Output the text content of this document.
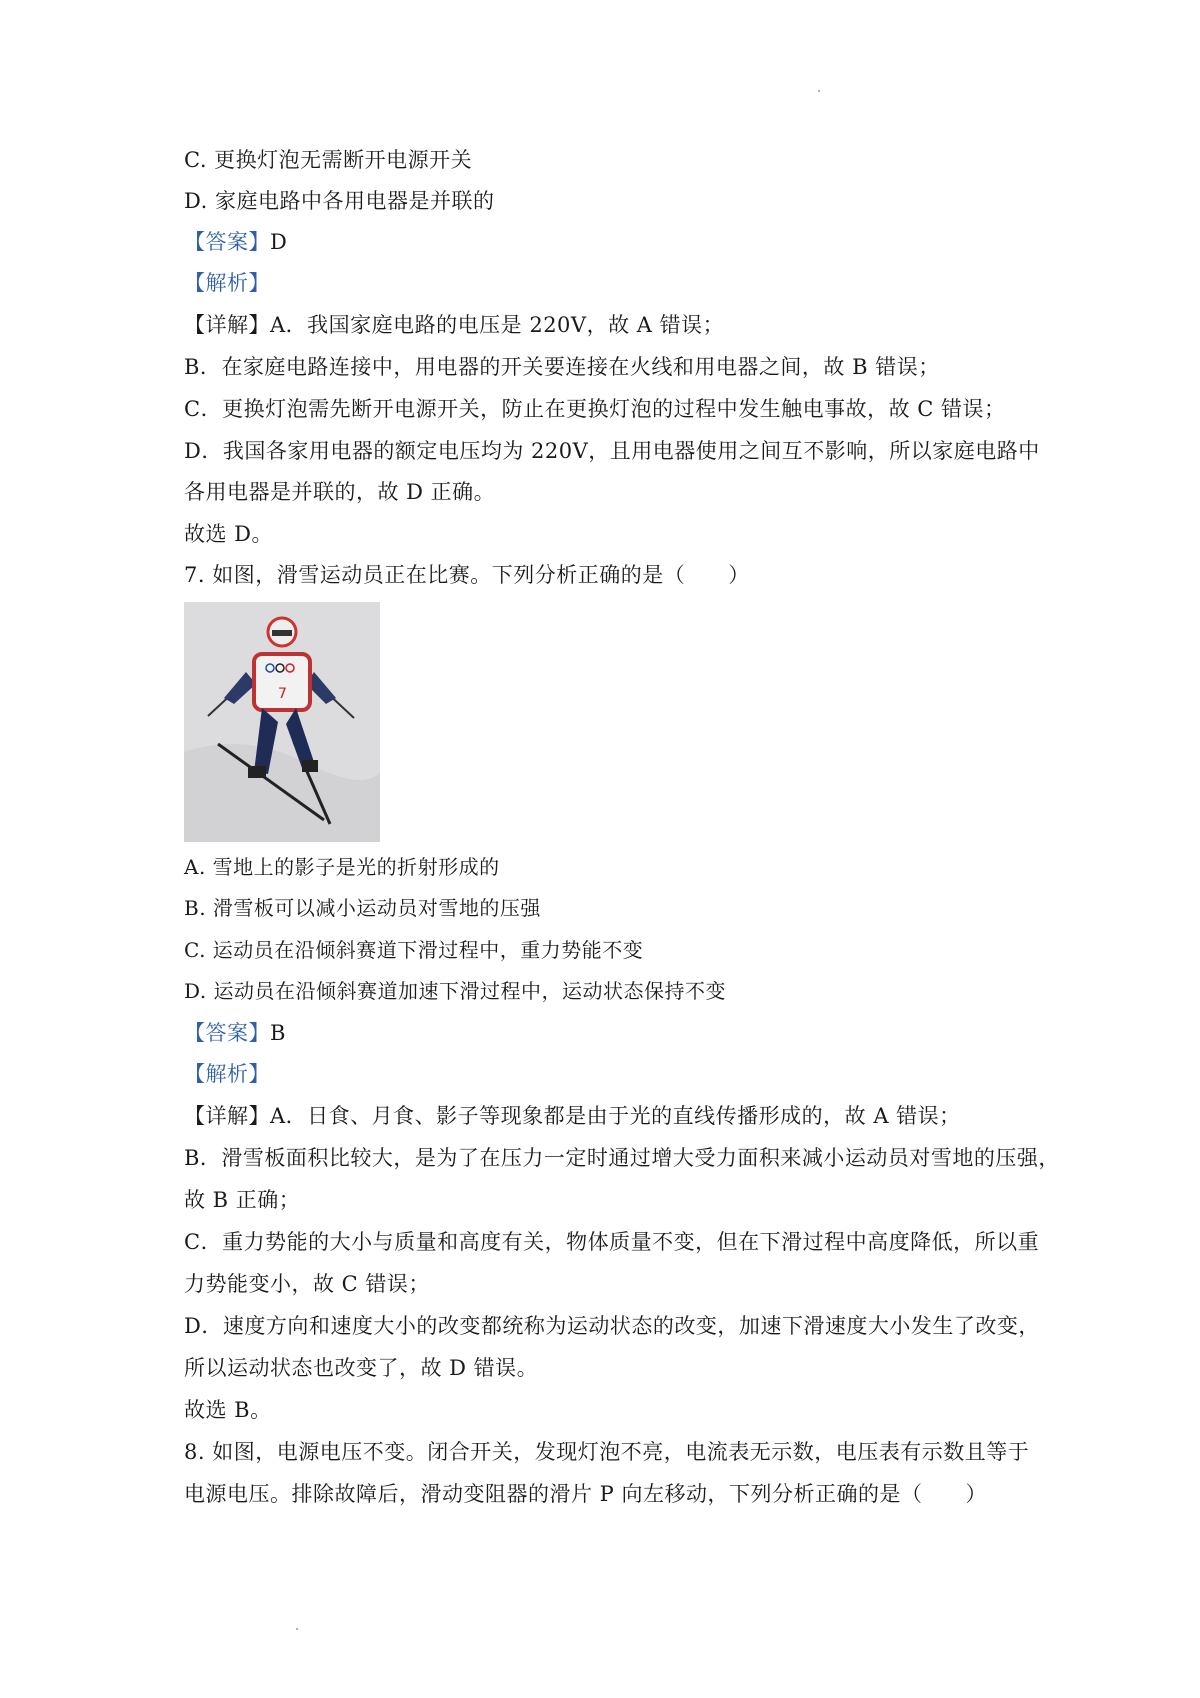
C. 更换灯泡无需断开电源开关
D. 家庭电路中各用电器是并联的
【答案】D
【解析】
【详解】A．我国家庭电路的电压是 220V，故 A 错误；
B．在家庭电路连接中，用电器的开关要连接在火线和用电器之间，故 B 错误；
C．更换灯泡需先断开电源开关，防止在更换灯泡的过程中发生触电事故，故 C 错误；
D．我国各家用电器的额定电压均为 220V，且用电器使用之间互不影响，所以家庭电路中
各用电器是并联的，故 D 正确。
故选 D。
7. 如图，滑雪运动员正在比赛。下列分析正确的是（　　）
A. 雪地上的影子是光的折射形成的
B. 滑雪板可以减小运动员对雪地的压强
C. 运动员在沿倾斜赛道下滑过程中，重力势能不变
D. 运动员在沿倾斜赛道加速下滑过程中，运动状态保持不变
【答案】B
【解析】
【详解】A．日食、月食、影子等现象都是由于光的直线传播形成的，故 A 错误；
B．滑雪板面积比较大，是为了在压力一定时通过增大受力面积来减小运动员对雪地的压强，
故 B 正确；
C．重力势能的大小与质量和高度有关，物体质量不变，但在下滑过程中高度降低，所以重
力势能变小，故 C 错误；
D．速度方向和速度大小的改变都统称为运动状态的改变，加速下滑速度大小发生了改变，
所以运动状态也改变了，故 D 错误。
故选 B。
8. 如图，电源电压不变。闭合开关，发现灯泡不亮，电流表无示数，电压表有示数且等于
电源电压。排除故障后，滑动变阻器的滑片 P 向左移动，下列分析正确的是（　　）
7
